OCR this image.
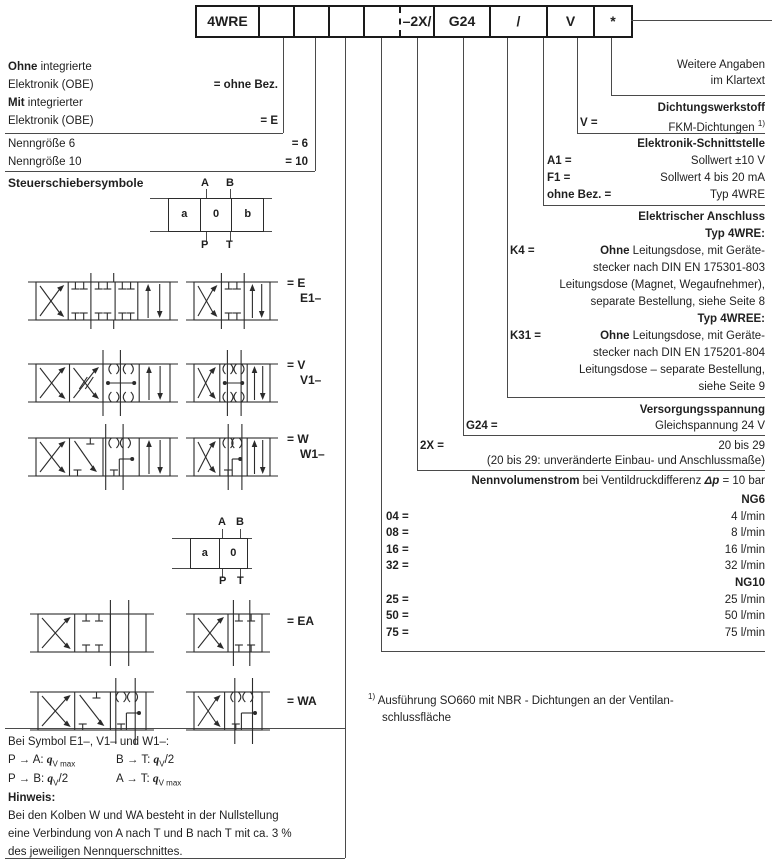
4WRE	–2X/	G24	/	V	*
Ohne integrierte
Elektronik (OBE)	= ohne Bez.
Mit integrierter
Elektronik (OBE)	= E
Nenngröße 6	= 6
Nenngröße 10	= 10
Steuerschiebersymbole	A B
a	0	b
P T
= E
E1–
= V
V1–
= W
W1–
A B
a	0
P T
= EA
= WA
Bei Symbol E1–, V1– und W1–:
P → A: $q_{V max}$	B → T: $q_V/2$
P → B: $q_V/2$	A → T: $q_{V max}$
Hinweis:
Bei den Kolben W und WA besteht in der Nullstellung
eine Verbindung von A nach T und B nach T mit ca. 3 %
des jeweiligen Nennquerschnittes.
Weitere Angaben
im Klartext
Dichtungswerkstoff
V =	FKM-Dichtungen $^{1)}$
Elektronik-Schnittstelle
A1 =	Sollwert ±10 V
F1 =	Sollwert 4 bis 20 mA
ohne Bez. =	Typ 4WRE
Elektrischer Anschluss
Typ 4WRE:
K4 =	Ohne Leitungsdose, mit Geräte-
stecker nach DIN EN 175301-803
Leitungsdose (Magnet, Wegaufnehmer),
separate Bestellung, siehe Seite 8
Typ 4WREE:
K31 =	Ohne Leitungsdose, mit Geräte-
stecker nach DIN EN 175201-804
Leitungsdose – separate Bestellung,
siehe Seite 9
Versorgungsspannung
G24 =	Gleichspannung 24 V
2X =	20 bis 29
(20 bis 29: unveränderte Einbau- und Anschlussmaße)
Nennvolumenstrom bei Ventildruckdifferenz Δp = 10 bar
NG6
04 =	4 l/min
08 =	8 l/min
16 =	16 l/min
32 =	32 l/min
NG10
25 =	25 l/min
50 =	50 l/min
75 =	75 l/min
$^{1)}$ Ausführung SO660 mit NBR - Dichtungen an der Ventilan-
schlussfläche
